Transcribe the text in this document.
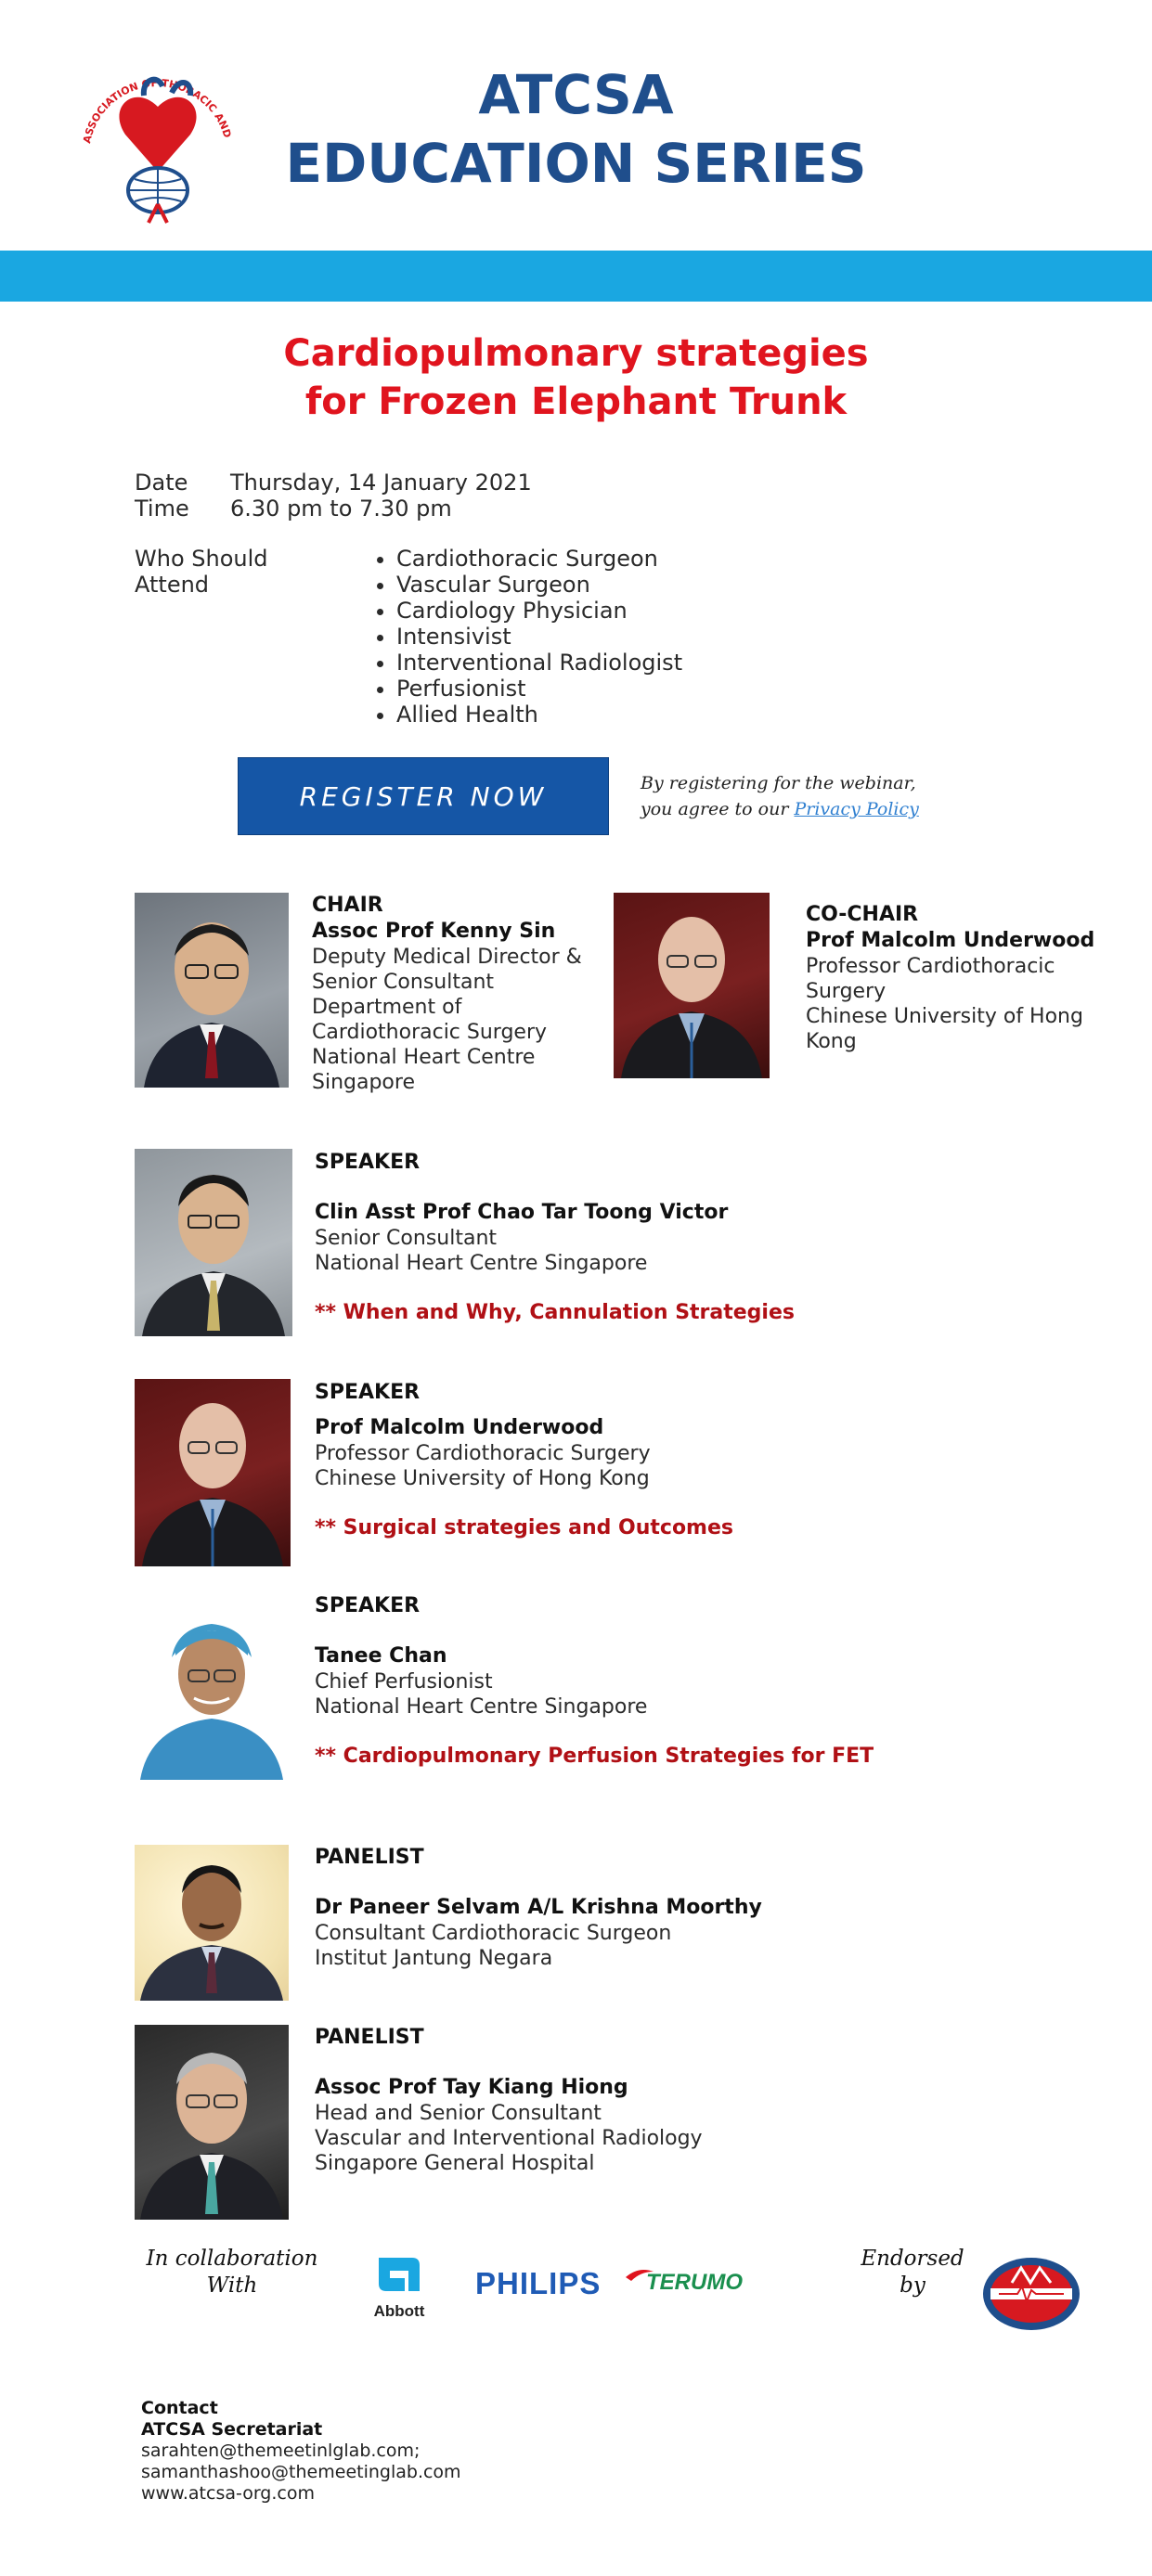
ASSOCIATION OF THORACIC AND
ATCSA
EDUCATION SERIES
Cardiopulmonary strategies
for Frozen Elephant Trunk
Date Thursday, 14 January 2021
Time 6.30 pm to 7.30 pm
Who Should
Attend
• Cardiothoracic Surgeon
• Vascular Surgeon
• Cardiology Physician
• Intensivist
• Interventional Radiologist
• Perfusionist
• Allied Health
REGISTER NOW	By registering for the webinar,
you agree to our Privacy Policy
CHAIR
Assoc Prof Kenny Sin
Deputy Medical Director &
Senior Consultant
Department of
Cardiothoracic Surgery
National Heart Centre
Singapore
CO-CHAIR
Prof Malcolm Underwood
Professor Cardiothoracic
Surgery
Chinese University of Hong
Kong
SPEAKER
Clin Asst Prof Chao Tar Toong Victor
Senior Consultant
National Heart Centre Singapore
** When and Why, Cannulation Strategies
SPEAKER
Prof Malcolm Underwood
Professor Cardiothoracic Surgery
Chinese University of Hong Kong
** Surgical strategies and Outcomes
SPEAKER
Tanee Chan
Chief Perfusionist
National Heart Centre Singapore
** Cardiopulmonary Perfusion Strategies for FET
PANELIST
Dr Paneer Selvam A/L Krishna Moorthy
Consultant Cardiothoracic Surgeon
Institut Jantung Negara
PANELIST
Assoc Prof Tay Kiang Hiong
Head and Senior Consultant
Vascular and Interventional Radiology
Singapore General Hospital
In collaboration
With
Abbott
PHILIPS TERUMO
Endorsed
by
Contact
ATCSA Secretariat
sarahten@themeetinlglab.com;
samanthashoo@themeetinglab.com
www.atcsa-org.com
